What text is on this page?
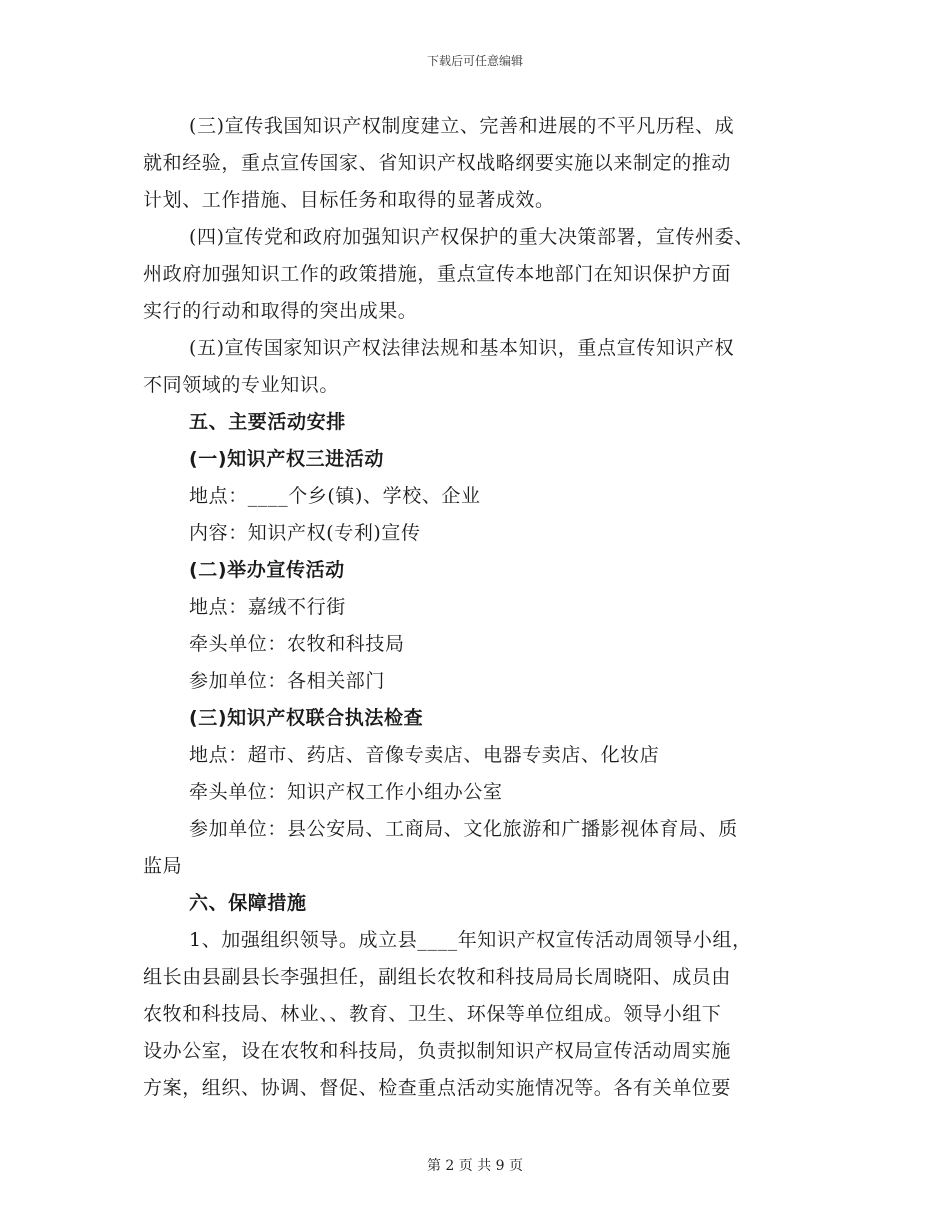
下载后可任意编辑
(三)宣传我国知识产权制度建立、完善和进展的不平凡历程、成
就和经验，重点宣传国家、省知识产权战略纲要实施以来制定的推动
计划、工作措施、目标任务和取得的显著成效。
(四)宣传党和政府加强知识产权保护的重大决策部署，宣传州委、
州政府加强知识工作的政策措施，重点宣传本地部门在知识保护方面
实行的行动和取得的突出成果。
(五)宣传国家知识产权法律法规和基本知识，重点宣传知识产权
不同领域的专业知识。
五、主要活动安排
(一)知识产权三进活动
地点：____个乡(镇)、学校、企业
内容：知识产权(专利)宣传
(二)举办宣传活动
地点：嘉绒不行街
牵头单位：农牧和科技局
参加单位：各相关部门
(三)知识产权联合执法检查
地点：超市、药店、音像专卖店、电器专卖店、化妆店
牵头单位：知识产权工作小组办公室
参加单位：县公安局、工商局、文化旅游和广播影视体育局、质
监局
六、保障措施
1、加强组织领导。成立县____年知识产权宣传活动周领导小组，
组长由县副县长李强担任，副组长农牧和科技局局长周晓阳、成员由
农牧和科技局、林业、、教育、卫生、环保等单位组成。领导小组下
设办公室，设在农牧和科技局，负责拟制知识产权局宣传活动周实施
方案，组织、协调、督促、检查重点活动实施情况等。各有关单位要
第 2 页 共 9 页
